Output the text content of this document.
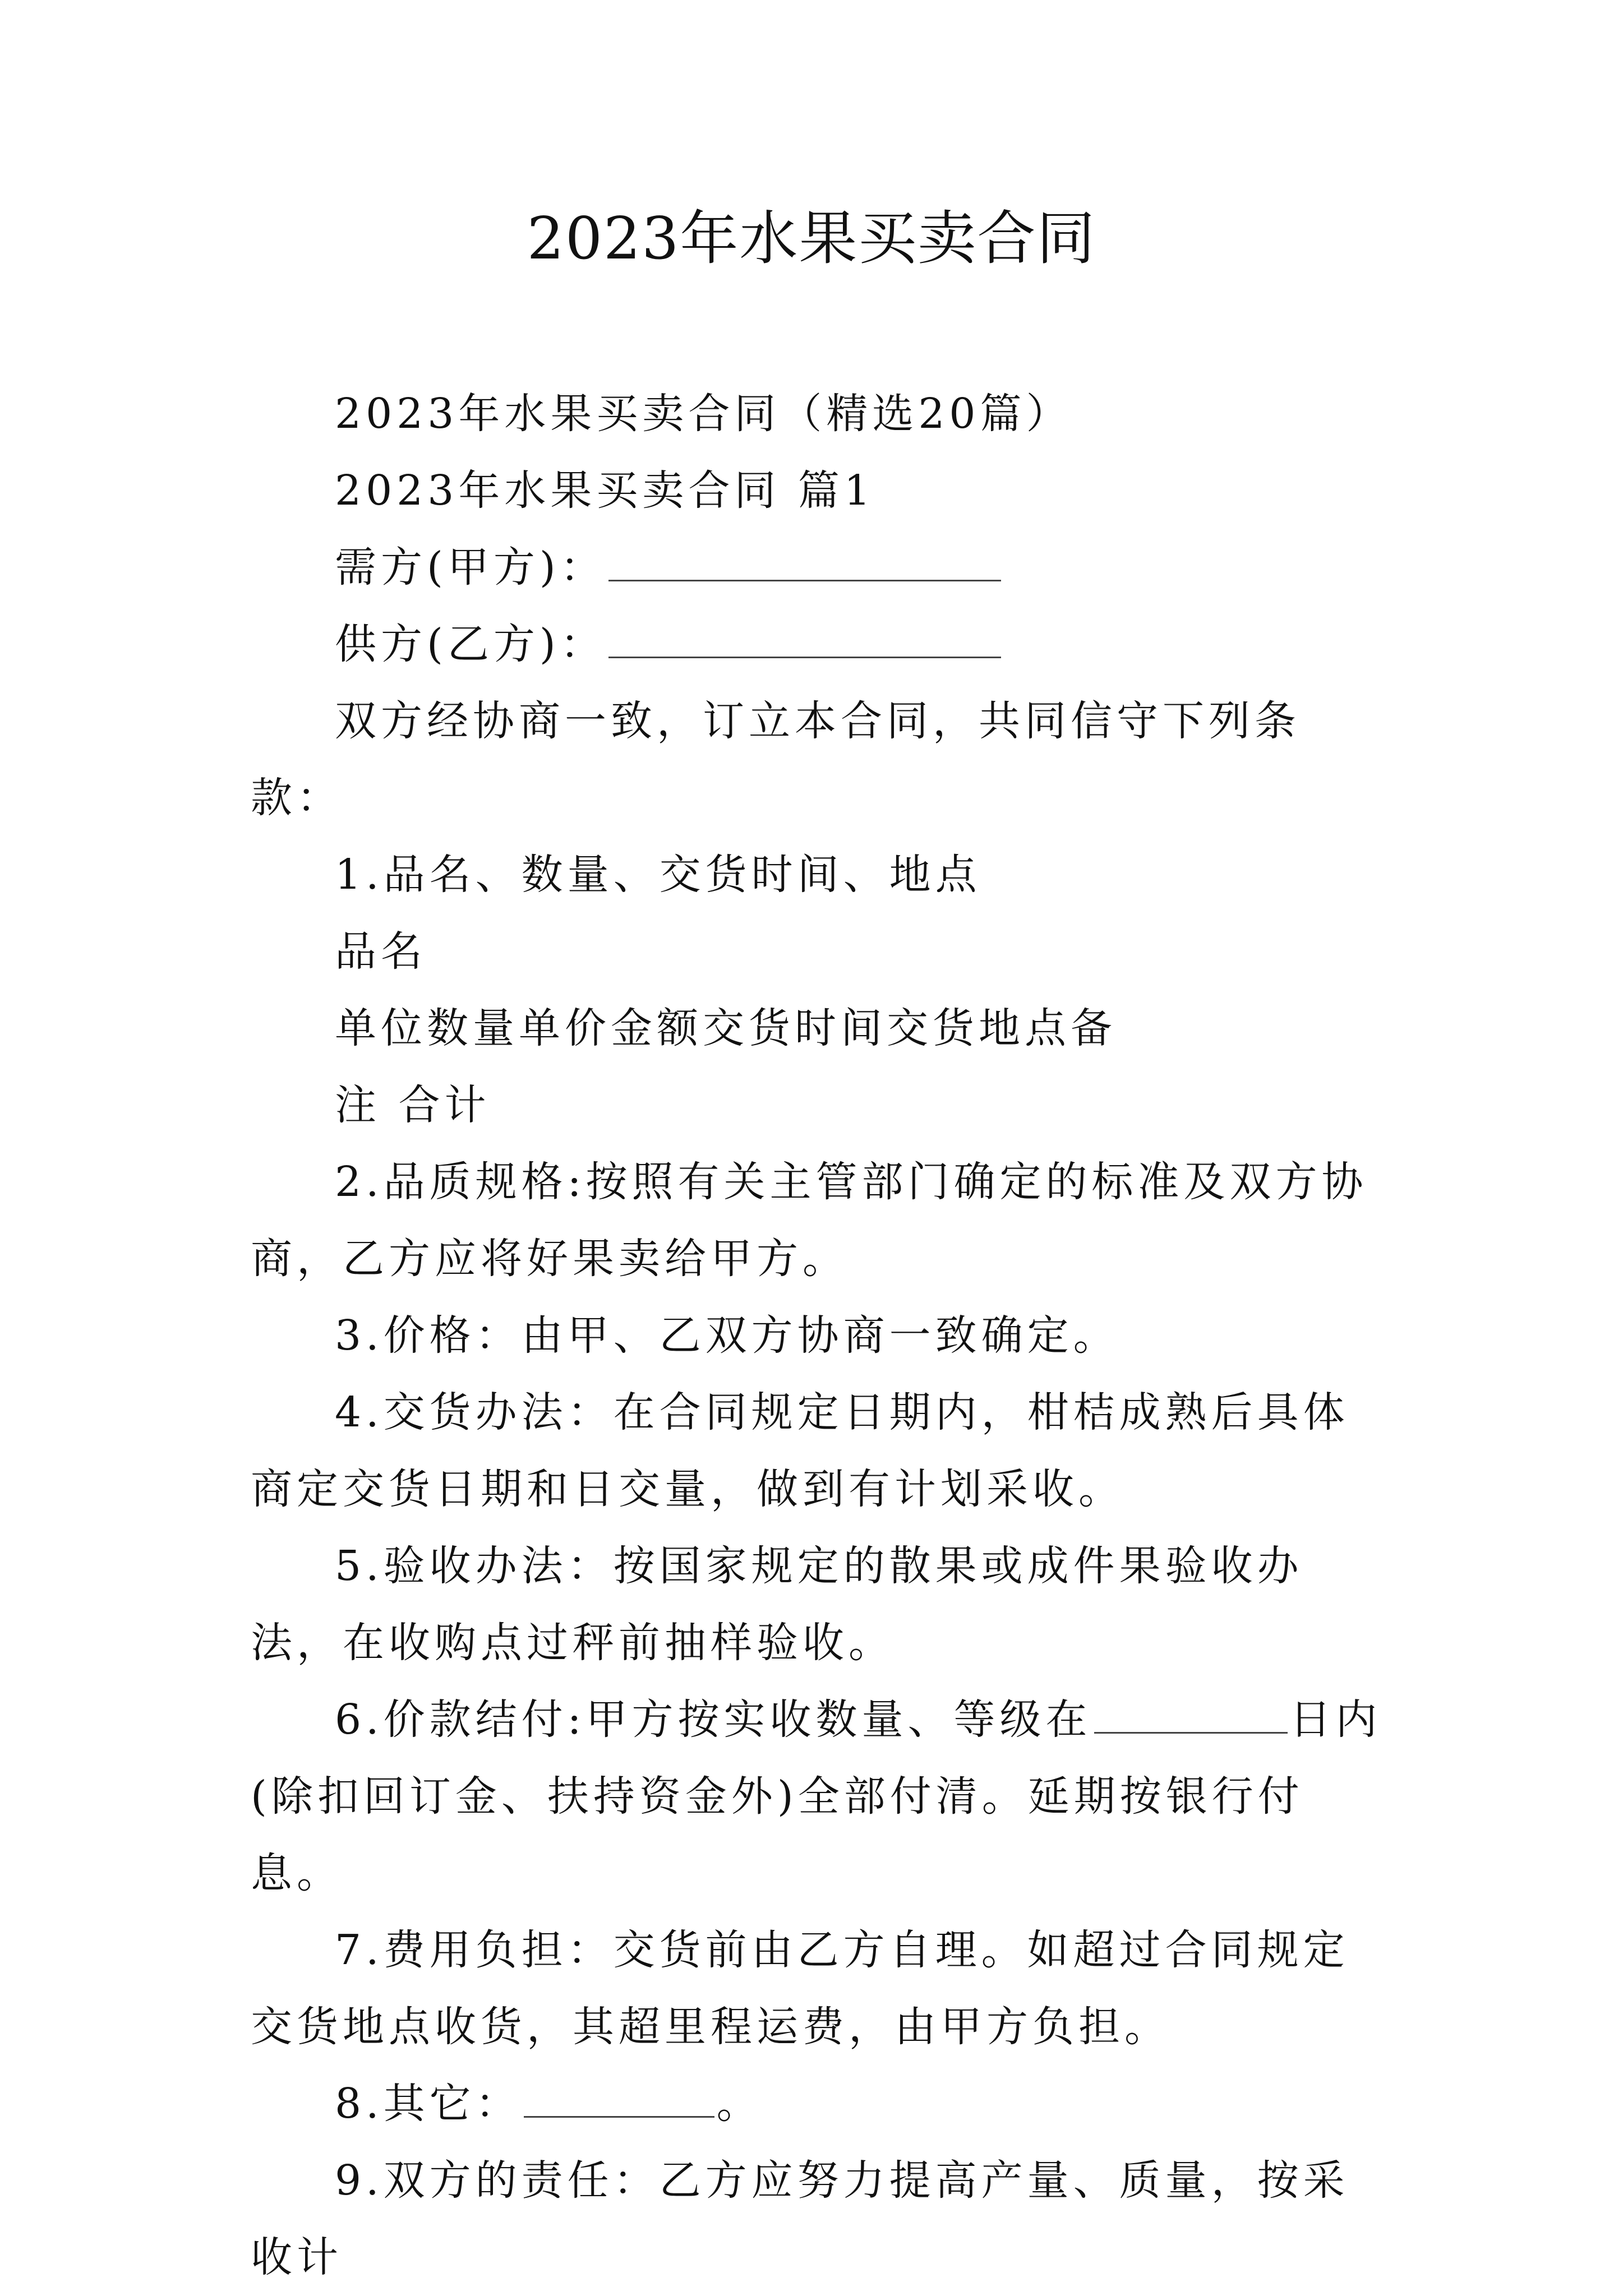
2023年水果买卖合同

2023年水果买卖合同（精选20篇）

2023年水果买卖合同 篇1

需方(甲方)：

供方(乙方)：

双方经协商一致，订立本合同，共同信守下列条款：

1.品名、数量、交货时间、地点

品名

单位数量单价金额交货时间交货地点备

注 合计

2.品质规格:按照有关主管部门确定的标准及双方协商，乙方应将好果卖给甲方。

3.价格：由甲、乙双方协商一致确定。

4.交货办法：在合同规定日期内，柑桔成熟后具体商定交货日期和日交量，做到有计划采收。

5.验收办法：按国家规定的散果或成件果验收办法，在收购点过秤前抽样验收。

6.价款结付:甲方按实收数量、等级在	日内(除扣回订金、扶持资金外)全部付清。延期按银行付息。

7.费用负担：交货前由乙方自理。如超过合同规定交货地点收货，其超里程运费，由甲方负担。

8.其它：	。

9.双方的责任：乙方应努力提高产量、质量，按采收计
